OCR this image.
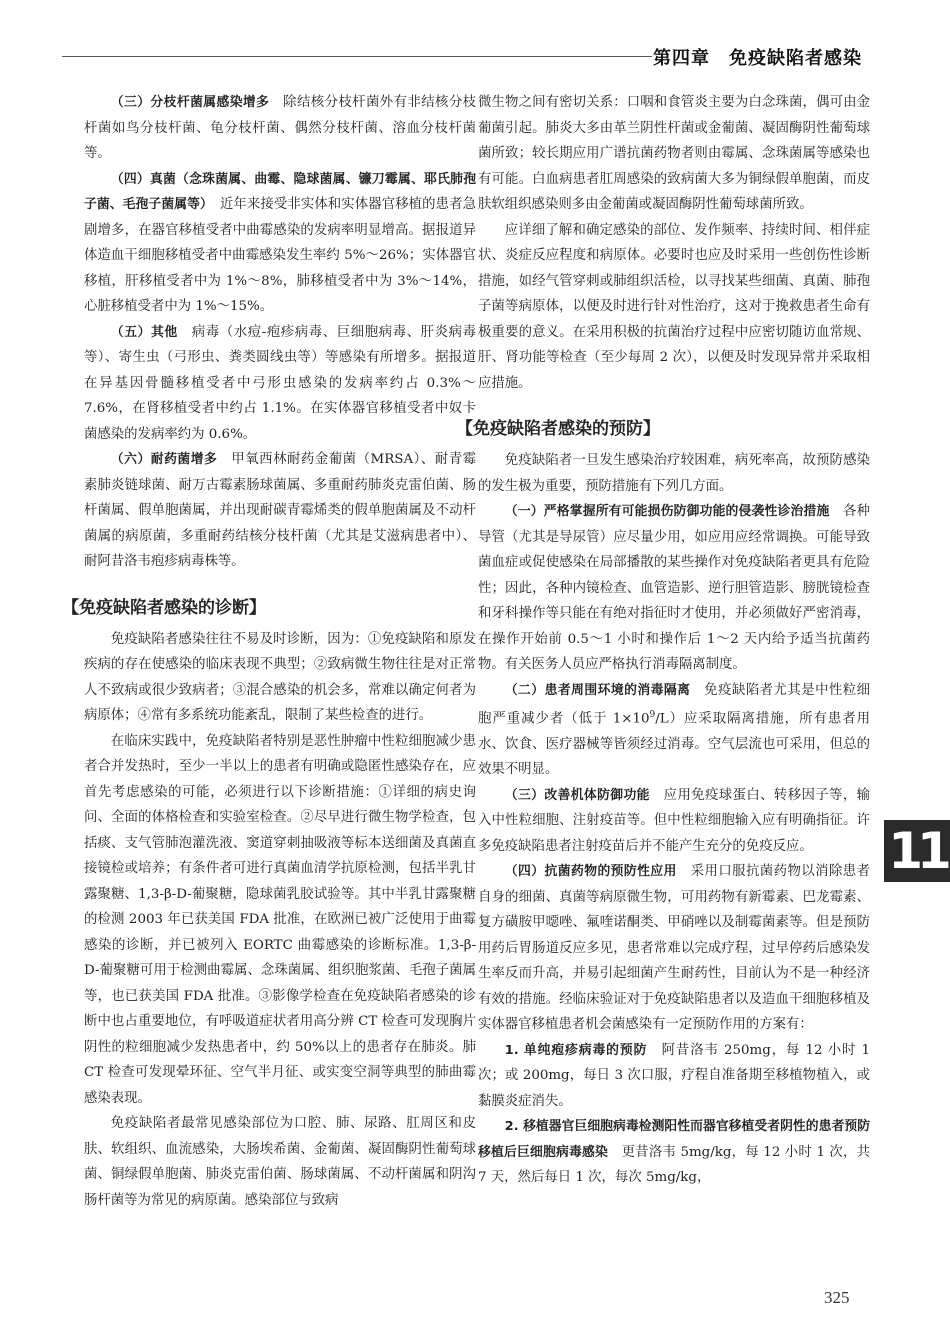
第四章　免疫缺陷者感染

（三）分枝杆菌属感染增多　 除结核分枝杆菌外有非结核分枝杆菌如鸟分枝杆菌、龟分枝杆菌、偶然分枝杆菌、溶血分枝杆菌等。

（四）真菌（念珠菌属、曲霉、隐球菌属、镰刀霉属、耶氏肺孢子菌、毛孢子菌属等）　 近年来接受非实体和实体器官移植的患者急剧增多，在器官移植受者中曲霉感染的发病率明显增高。据报道异体造血干细胞移植受者中曲霉感染发生率约 5%～26%；实体器官移植，肝移植受者中为 1%～8%，肺移植受者中为 3%～14%，心脏移植受者中为 1%～15%。

（五）其他　 病毒（水痘-疱疹病毒、巨细胞病毒、肝炎病毒等）、寄生虫（弓形虫、粪类圆线虫等）等感染有所增多。据报道在异基因骨髓移植受者中弓形虫感染的发病率约占 0.3%～7.6%，在肾移植受者中约占 1.1%。在实体器官移植受者中奴卡菌感染的发病率约为 0.6%。

（六）耐药菌增多　 甲氧西林耐药金葡菌（MRSA）、耐青霉素肺炎链球菌、耐万古霉素肠球菌属、多重耐药肺炎克雷伯菌、肠杆菌属、假单胞菌属，并出现耐碳青霉烯类的假单胞菌属及不动杆菌属的病原菌，多重耐药结核分枝杆菌（尤其是艾滋病患者中）、耐阿昔洛韦疱疹病毒株等。

【免疫缺陷者感染的诊断】

免疫缺陷者感染往往不易及时诊断，因为：①免疫缺陷和原发疾病的存在使感染的临床表现不典型；②致病微生物往往是对正常人不致病或很少致病者；③混合感染的机会多，常难以确定何者为病原体；④常有多系统功能紊乱，限制了某些检查的进行。

在临床实践中，免疫缺陷者特别是恶性肿瘤中性粒细胞减少患者合并发热时，至少一半以上的患者有明确或隐匿性感染存在，应首先考虑感染的可能，必须进行以下诊断措施：①详细的病史询问、全面的体格检查和实验室检查。②尽早进行微生物学检查，包括痰、支气管肺泡灌洗液、窦道穿刺抽吸液等标本送细菌及真菌直接镜检或培养；有条件者可进行真菌血清学抗原检测，包括半乳甘露聚糖、1,3-β-D-葡聚糖，隐球菌乳胶试验等。其中半乳甘露聚糖的检测 2003 年已获美国 FDA 批准，在欧洲已被广泛使用于曲霉感染的诊断，并已被列入 EORTC 曲霉感染的诊断标准。1,3-β-D-葡聚糖可用于检测曲霉属、念珠菌属、组织胞浆菌、毛孢子菌属等，也已获美国 FDA 批准。③影像学检查在免疫缺陷者感染的诊断中也占重要地位，有呼吸道症状者用高分辨 CT 检查可发现胸片阴性的粒细胞减少发热患者中，约 50%以上的患者存在肺炎。肺 CT 检查可发现晕环征、空气半月征、或实变空洞等典型的肺曲霉感染表现。

免疫缺陷者最常见感染部位为口腔、肺、尿路、肛周区和皮肤、软组织、血流感染，大肠埃希菌、金葡菌、凝固酶阴性葡萄球菌、铜绿假单胞菌、肺炎克雷伯菌、肠球菌属、不动杆菌属和阴沟肠杆菌等为常见的病原菌。感染部位与致病

微生物之间有密切关系：口咽和食管炎主要为白念珠菌，偶可由金葡菌引起。肺炎大多由革兰阴性杆菌或金葡菌、凝固酶阴性葡萄球菌所致；较长期应用广谱抗菌药物者则由霉属、念珠菌属等感染也有可能。白血病患者肛周感染的致病菌大多为铜绿假单胞菌，而皮肤软组织感染则多由金葡菌或凝固酶阴性葡萄球菌所致。

应详细了解和确定感染的部位、发作频率、持续时间、相伴症状、炎症反应程度和病原体。必要时也应及时采用一些创伤性诊断措施，如经气管穿刺或肺组织活检，以寻找某些细菌、真菌、肺孢子菌等病原体，以便及时进行针对性治疗，这对于挽救患者生命有极重要的意义。在采用积极的抗菌治疗过程中应密切随访血常规、肝、肾功能等检查（至少每周 2 次），以便及时发现异常并采取相应措施。

【免疫缺陷者感染的预防】

免疫缺陷者一旦发生感染治疗较困难，病死率高，故预防感染的发生极为重要，预防措施有下列几方面。

（一）严格掌握所有可能损伤防御功能的侵袭性诊治措施　 各种导管（尤其是导尿管）应尽量少用，如应用应经常调换。可能导致菌血症或促使感染在局部播散的某些操作对免疫缺陷者更具有危险性；因此，各种内镜检查、血管造影、逆行胆管造影、膀胱镜检查和牙科操作等只能在有绝对指征时才使用，并必须做好严密消毒，在操作开始前 0.5～1 小时和操作后 1～2 天内给予适当抗菌药物。有关医务人员应严格执行消毒隔离制度。

（二）患者周围环境的消毒隔离　 免疫缺陷者尤其是中性粒细胞严重减少者（低于 $1\times 10^9/L$）应采取隔离措施，所有患者用水、饮食、医疗器械等皆须经过消毒。空气层流也可采用，但总的效果不明显。

（三）改善机体防御功能　 应用免疫球蛋白、转移因子等，输入中性粒细胞、注射疫苗等。但中性粒细胞输入应有明确指征。许多免疫缺陷患者注射疫苗后并不能产生充分的免疫反应。

（四）抗菌药物的预防性应用　 采用口服抗菌药物以消除患者自身的细菌、真菌等病原微生物，可用药物有新霉素、巴龙霉素、复方磺胺甲噁唑、氟喹诺酮类、甲硝唑以及制霉菌素等。但是预防用药后胃肠道反应多见，患者常难以完成疗程，过早停药后感染发生率反而升高，并易引起细菌产生耐药性，目前认为不是一种经济有效的措施。经临床验证对于免疫缺陷患者以及造血干细胞移植及实体器官移植患者机会菌感染有一定预防作用的方案有：

1. 单纯疱疹病毒的预防　 阿昔洛韦 250mg，每 12 小时 1 次；或 200mg，每日 3 次口服，疗程自准备期至移植物植入，或黏膜炎症消失。

2. 移植器官巨细胞病毒检测阳性而器官移植受者阴性的患者预防移植后巨细胞病毒感染　 更昔洛韦 5mg/kg，每 12 小时 1 次，共 7 天，然后每日 1 次，每次 5mg/kg，

11
325
